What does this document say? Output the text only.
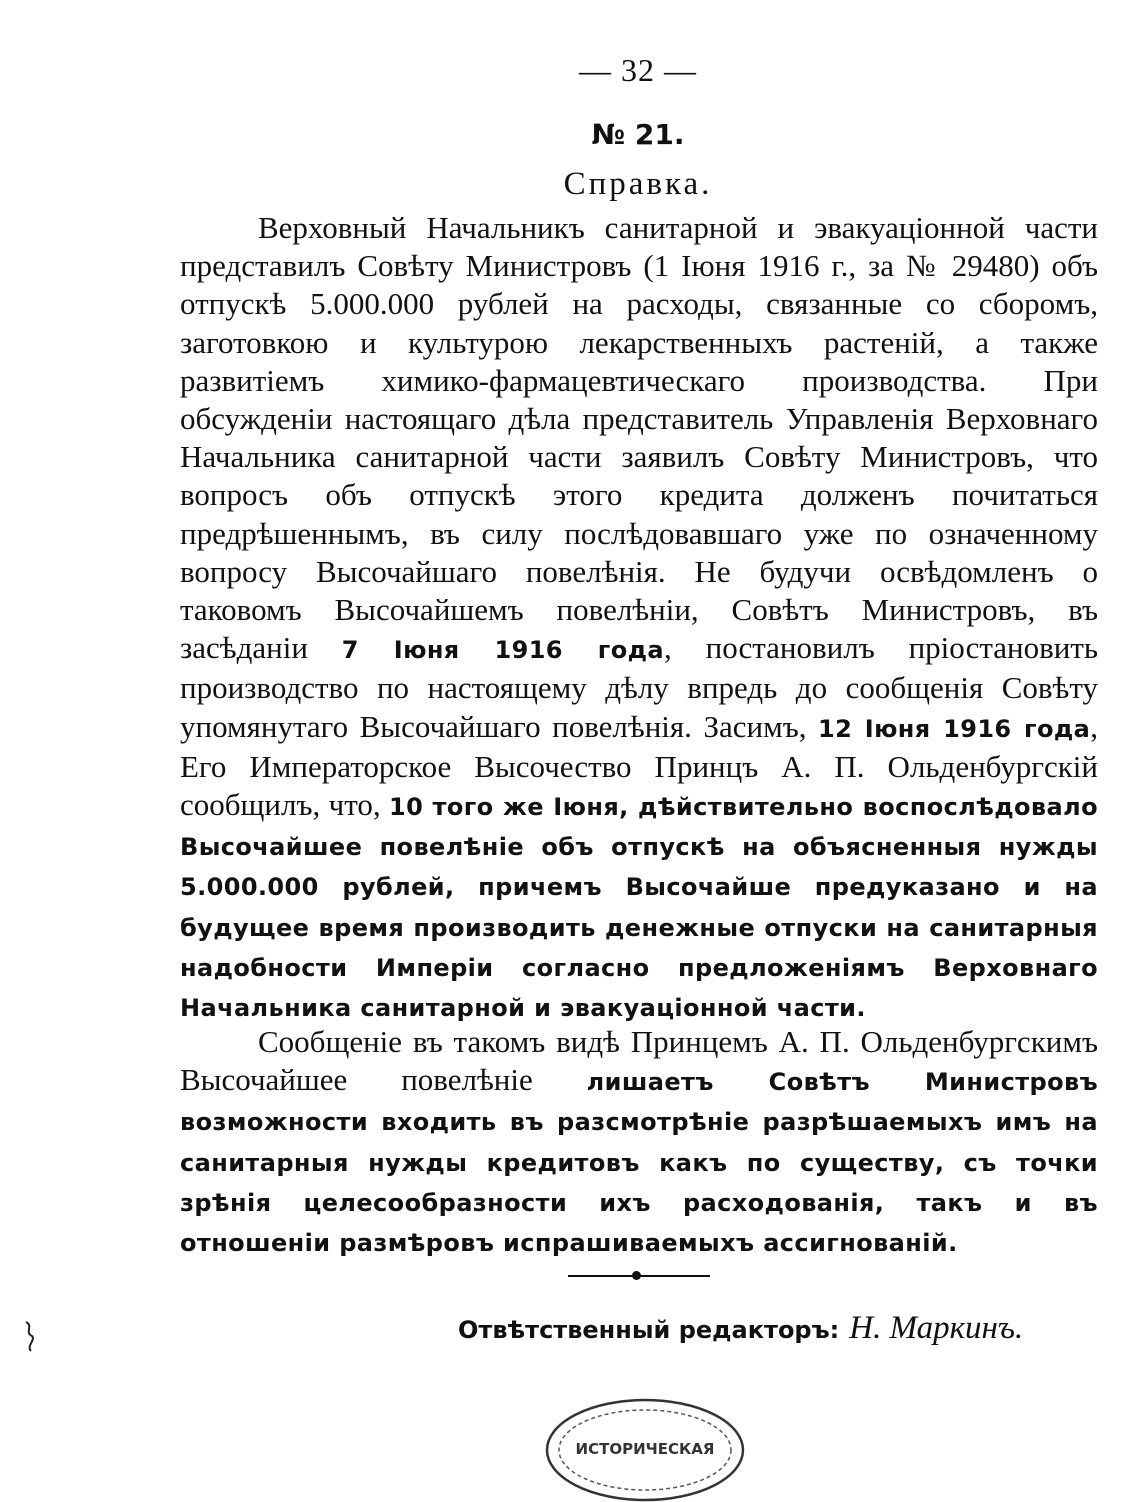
— 32 —
№ 21.
Справка.

Верховный Начальникъ санитарной и эвакуаціонной части представилъ Совѣту Министровъ (1 Іюня 1916 г., за № 29480) объ отпускѣ 5.000.000 рублей на расходы, связанные со сборомъ, заготовкою и культурою лекарственныхъ растеній, а также развитіемъ химико-фармацевтическаго производства. При обсужденіи настоящаго дѣла представитель Управленія Верховнаго Начальника санитарной части заявилъ Совѣту Министровъ, что вопросъ объ отпускѣ этого кредита долженъ почитаться предрѣшеннымъ, въ силу послѣдовавшаго уже по означенному вопросу Высочайшаго повелѣнія. Не будучи освѣдомленъ о таковомъ Высочайшемъ повелѣніи, Совѣтъ Министровъ, въ засѣданіи 7 Іюня 1916 года, постановилъ пріостановить производство по настоящему дѣлу впредь до сообщенія Совѣту упомянутаго Высочайшаго повелѣнія. Засимъ, 12 Іюня 1916 года, Его Императорское Высочество Принцъ А. П. Ольденбургскій сообщилъ, что, 10 того же Іюня, дѣйствительно воспослѣдовало Высочайшее повелѣніе объ отпускѣ на объясненныя нужды 5.000.000 рублей, причемъ Высочайше предуказано и на будущее время производить денежные отпуски на санитарныя надобности Имперіи согласно предложеніямъ Верховнаго Начальника санитарной и эвакуаціонной части.

Сообщеніе въ такомъ видѣ Принцемъ А. П. Ольденбургскимъ Высочайшее повелѣніе лишаетъ Совѣтъ Министровъ возможности входить въ разсмотрѣніе разрѣшаемыхъ имъ на санитарныя нужды кредитовъ какъ по существу, съ точки зрѣнія целесообразности ихъ расходованія, такъ и въ отношеніи размѣровъ испрашиваемыхъ ассигнованій.

Отвѣтственный редакторъ: Н. Маркинъ.
ИСТОРИЧЕСКАЯ
